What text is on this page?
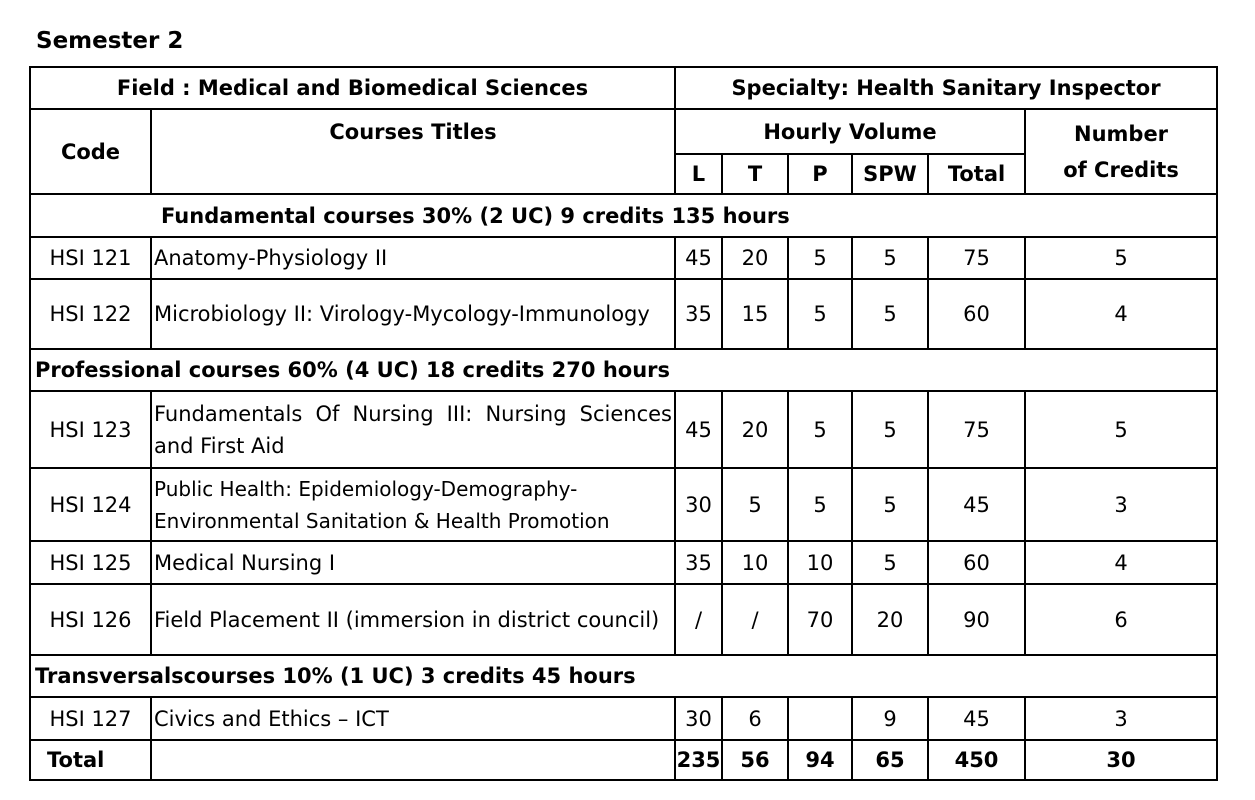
Semester 2
Field : Medical and Biomedical Sciences		Specialty: Health Sanitary Inspector					
Code	Courses Titles	Hourly Volume					Number
of Credits

		L	T	P	SPW	Total	
Fundamental courses 30% (2 UC) 9 credits 135 hours							
HSI 121	Anatomy-Physiology II	45	20	5	5	75	5
HSI 122	Microbiology II: Virology-Mycology-Immunology	35	15	5	5	60	4
Professional courses 60% (4 UC) 18 credits 270 hours							
HSI 123	Fundamentals Of Nursing III: Nursing Sciences and First Aid	45	20	5	5	75	5
HSI 124	Public Health: Epidemiology-Demography-Environmental Sanitation & Health Promotion	30	5	5	5	45	3
HSI 125	Medical Nursing I	35	10	10	5	60	4
HSI 126	Field Placement II (immersion in district council)	/	/	70	20	90	6
Transversalscourses 10% (1 UC) 3 credits 45 hours							
HSI 127	Civics and Ethics – ICT	30	6		9	45	3
Total		235	56	94	65	450	30
